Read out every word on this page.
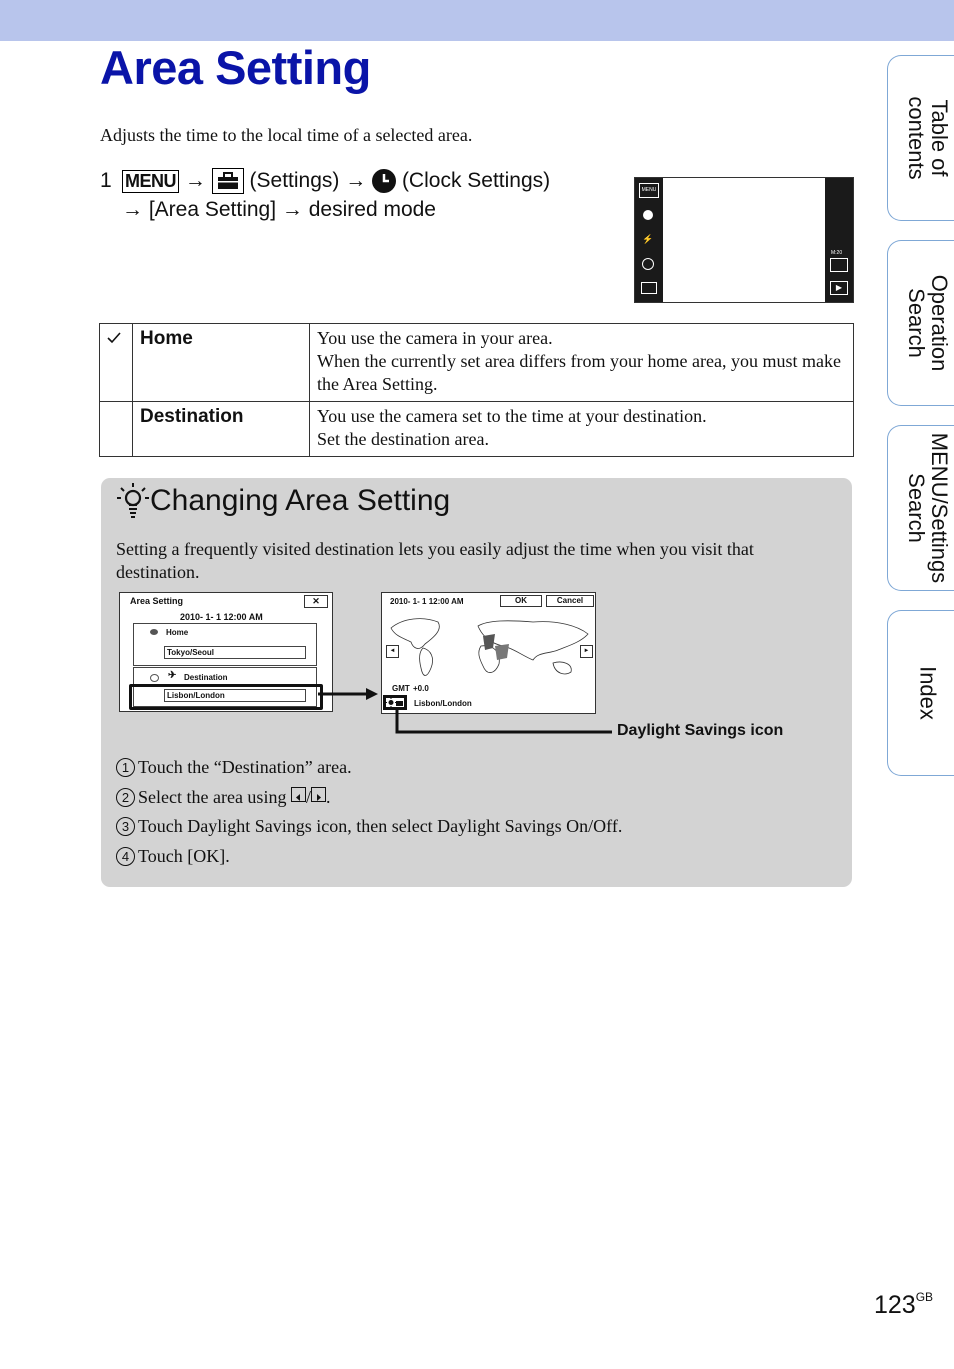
Area Setting
Adjusts the time to the local time of a selected area.
1 MENU → (Settings) → (Clock Settings)
→ [Area Setting] → desired mode
MENU
⚡
M:20
▶
	Home	You use the camera in your area.
When the currently set area differs from your home area, you must make the Area Setting.

	Destination	You use the camera set to the time at your destination.
Set the destination area.
Changing Area Setting
Setting a frequently visited destination lets you easily adjust the time when you visit that destination.
Area Setting	✕
2010- 1- 1 12:00 AM
Home
Tokyo/Seoul
✈ Destination
Lisbon/London
2010- 1- 1 12:00 AM	OK	Cancel
◄	►
GMT +0.0
Lisbon/London
Daylight Savings icon
1 Touch the “Destination” area.
2 Select the area using / .
3 Touch Daylight Savings icon, then select Daylight Savings On/Off.
4 Touch [OK].
Table of contents
Operation Search
MENU/Settings Search
Index
$123^{GB}$
